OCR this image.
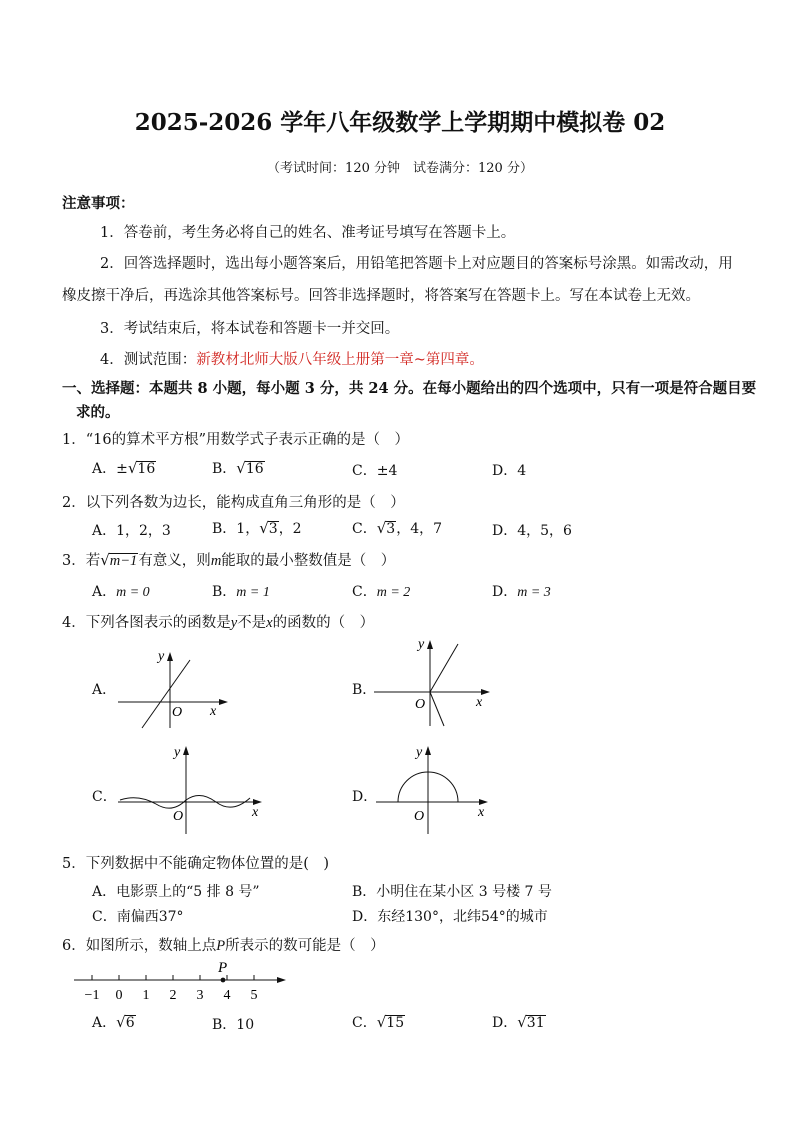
2025-2026 学年八年级数学上学期期中模拟卷 02
（考试时间：120 分钟　试卷满分：120 分）
注意事项：
1．答卷前，考生务必将自己的姓名、准考证号填写在答题卡上。
2．回答选择题时，选出每小题答案后，用铅笔把答题卡上对应题目的答案标号涂黑。如需改动，用
橡皮擦干净后，再选涂其他答案标号。回答非选择题时，将答案写在答题卡上。写在本试卷上无效。
3．考试结束后，将本试卷和答题卡一并交回。
4．测试范围：新教材北师大版八年级上册第一章~第四章。
一、选择题：本题共 8 小题，每小题 3 分，共 24 分。在每小题给出的四个选项中，只有一项是符合题目要
求的。
1．“16的算术平方根”用数学式子表示正确的是（　）
A．±√16	B．√16	C．±4	D．4
2．以下列各数为边长，能构成直角三角形的是（　）
A．1，2，3	B．1，√3，2	C．√3，4，7	D．4，5，6
3．若√m−1有意义，则m能取的最小整数值是（　）
A．m = 0	B．m = 1	C．m = 2	D．m = 3
4．下列各图表示的函数是y不是x的函数的（　）
A．
x
y
O
B．
x
y
O
C．
x
y
O
D．
x
y
O
5．下列数据中不能确定物体位置的是(　)
A．电影票上的“5 排 8 号”	B．小明住在某小区 3 号楼 7 号
C．南偏西37°	D．东经130°，北纬54°的城市
6．如图所示，数轴上点P所表示的数可能是（　）
−1 0 1 2 3 4 5
P
A．√6	B．10	C．√15	D．√31
